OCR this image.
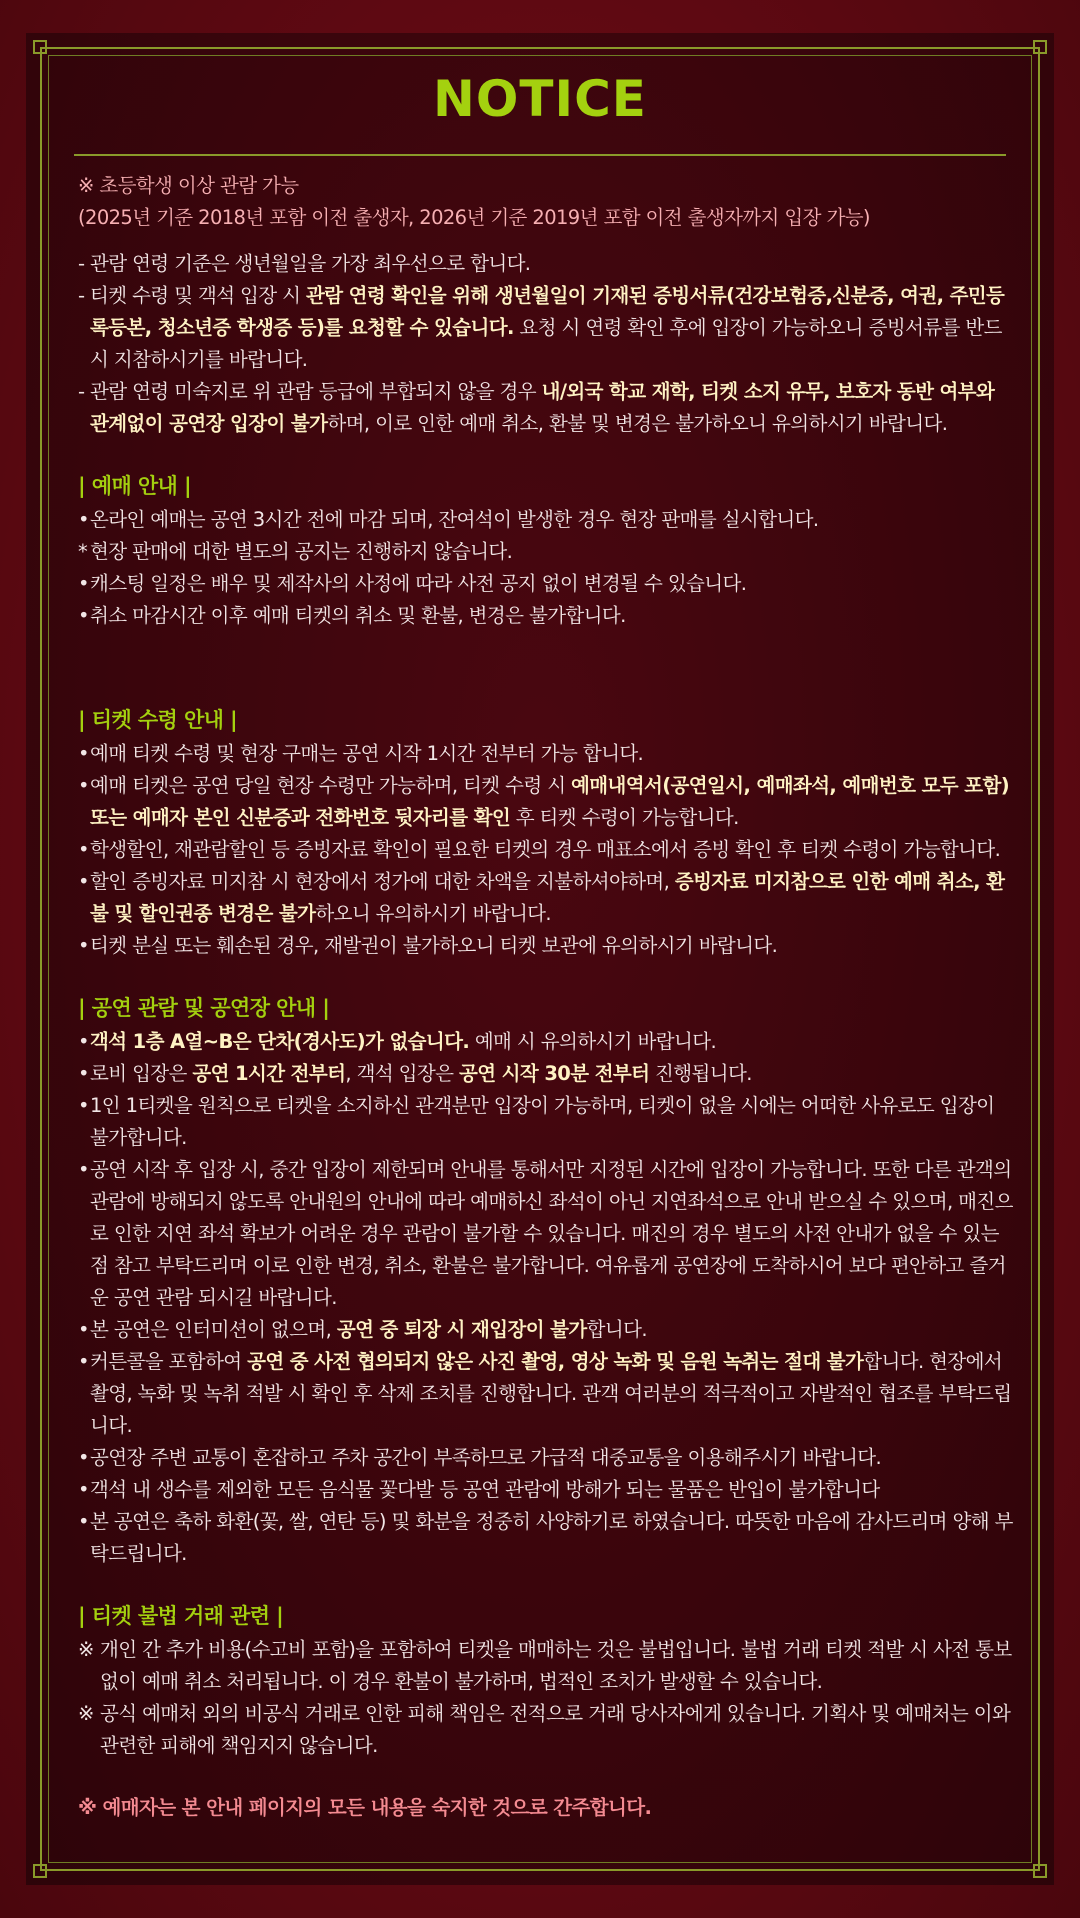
NOTICE

※ 초등학생 이상 관람 가능

(2025년 기준 2018년 포함 이전 출생자, 2026년 기준 2019년 포함 이전 출생자까지 입장 가능)

- 관람 연령 기준은 생년월일을 가장 최우선으로 합니다.
- 티켓 수령 및 객석 입장 시 관람 연령 확인을 위해 생년월일이 기재된 증빙서류(건강보험증,신분증, 여권, 주민등록등본, 청소년증 학생증 등)를 요청할 수 있습니다. 요청 시 연령 확인 후에 입장이 가능하오니 증빙서류를 반드시 지참하시기를 바랍니다.
- 관람 연령 미숙지로 위 관람 등급에 부합되지 않을 경우 내/외국 학교 재학, 티켓 소지 유무, 보호자 동반 여부와 관계없이 공연장 입장이 불가하며, 이로 인한 예매 취소, 환불 및 변경은 불가하오니 유의하시기 바랍니다.
| 예매 안내 |
• 온라인 예매는 공연 3시간 전에 마감 되며, 잔여석이 발생한 경우 현장 판매를 실시합니다.
* 현장 판매에 대한 별도의 공지는 진행하지 않습니다.
• 캐스팅 일정은 배우 및 제작사의 사정에 따라 사전 공지 없이 변경될 수 있습니다.
• 취소 마감시간 이후 예매 티켓의 취소 및 환불, 변경은 불가합니다.
| 티켓 수령 안내 |
• 예매 티켓 수령 및 현장 구매는 공연 시작 1시간 전부터 가능 합니다.
• 예매 티켓은 공연 당일 현장 수령만 가능하며, 티켓 수령 시 예매내역서(공연일시, 예매좌석, 예매번호 모두 포함) 또는 예매자 본인 신분증과 전화번호 뒷자리를 확인 후 티켓 수령이 가능합니다.
• 학생할인, 재관람할인 등 증빙자료 확인이 필요한 티켓의 경우 매표소에서 증빙 확인 후 티켓 수령이 가능합니다.
• 할인 증빙자료 미지참 시 현장에서 정가에 대한 차액을 지불하셔야하며, 증빙자료 미지참으로 인한 예매 취소, 환불 및 할인권종 변경은 불가하오니 유의하시기 바랍니다.
• 티켓 분실 또는 훼손된 경우, 재발권이 불가하오니 티켓 보관에 유의하시기 바랍니다.
| 공연 관람 및 공연장 안내 |
• 객석 1층 A열~B은 단차(경사도)가 없습니다. 예매 시 유의하시기 바랍니다.
• 로비 입장은 공연 1시간 전부터, 객석 입장은 공연 시작 30분 전부터 진행됩니다.
• 1인 1티켓을 원칙으로 티켓을 소지하신 관객분만 입장이 가능하며, 티켓이 없을 시에는 어떠한 사유로도 입장이 불가합니다.
• 공연 시작 후 입장 시, 중간 입장이 제한되며 안내를 통해서만 지정된 시간에 입장이 가능합니다. 또한 다른 관객의 관람에 방해되지 않도록 안내원의 안내에 따라 예매하신 좌석이 아닌 지연좌석으로 안내 받으실 수 있으며, 매진으로 인한 지연 좌석 확보가 어려운 경우 관람이 불가할 수 있습니다. 매진의 경우 별도의 사전 안내가 없을 수 있는 점 참고 부탁드리며 이로 인한 변경, 취소, 환불은 불가합니다. 여유롭게 공연장에 도착하시어 보다 편안하고 즐거운 공연 관람 되시길 바랍니다.
• 본 공연은 인터미션이 없으며, 공연 중 퇴장 시 재입장이 불가합니다.
• 커튼콜을 포함하여 공연 중 사전 협의되지 않은 사진 촬영, 영상 녹화 및 음원 녹취는 절대 불가합니다. 현장에서 촬영, 녹화 및 녹취 적발 시 확인 후 삭제 조치를 진행합니다. 관객 여러분의 적극적이고 자발적인 협조를 부탁드립니다.
• 공연장 주변 교통이 혼잡하고 주차 공간이 부족하므로 가급적 대중교통을 이용해주시기 바랍니다.
• 객석 내 생수를 제외한 모든 음식물 꽃다발 등 공연 관람에 방해가 되는 물품은 반입이 불가합니다
• 본 공연은 축하 화환(꽃, 쌀, 연탄 등) 및 화분을 정중히 사양하기로 하였습니다. 따뜻한 마음에 감사드리며 양해 부탁드립니다.
| 티켓 불법 거래 관련 |
※ 개인 간 추가 비용(수고비 포함)을 포함하여 티켓을 매매하는 것은 불법입니다. 불법 거래 티켓 적발 시 사전 통보없이 예매 취소 처리됩니다. 이 경우 환불이 불가하며, 법적인 조치가 발생할 수 있습니다.
※ 공식 예매처 외의 비공식 거래로 인한 피해 책임은 전적으로 거래 당사자에게 있습니다. 기획사 및 예매처는 이와 관련한 피해에 책임지지 않습니다.
※ 예매자는 본 안내 페이지의 모든 내용을 숙지한 것으로 간주합니다.
